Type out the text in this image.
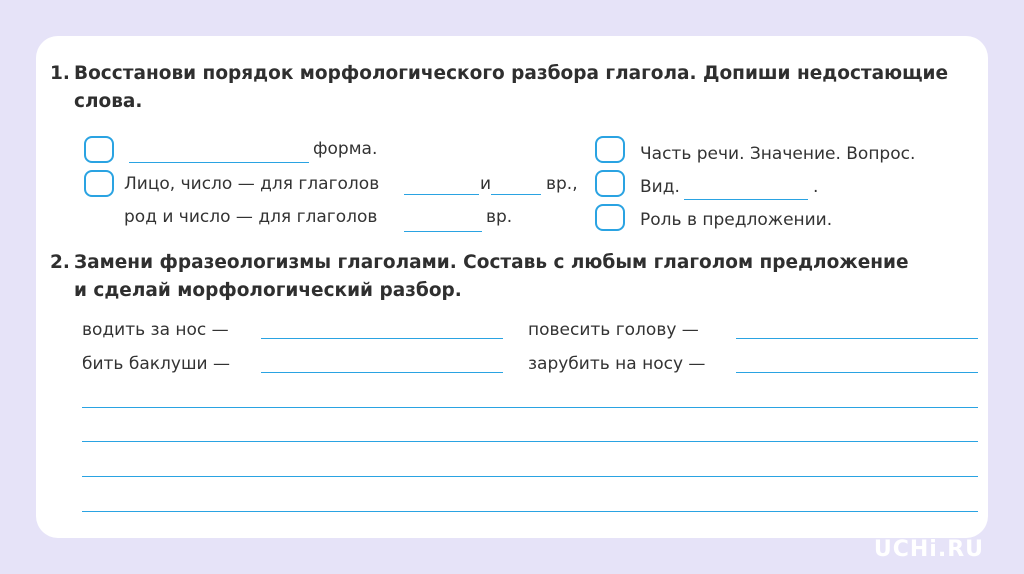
1. Восстанови порядок морфологического разбора глагола. Допиши недостающие
слова.
форма.
Лицо, число — для глаголов	и	вр.,
род и число — для глаголов	вр.
Часть речи. Значение. Вопрос.
Вид.	.
Роль в предложении.
2. Замени фразеологизмы глаголами. Составь с любым глаголом предложение
и сделай морфологический разбор.
водить за нос —	повесить голову —
бить баклуши —	зарубить на носу —
UCHi.RU
